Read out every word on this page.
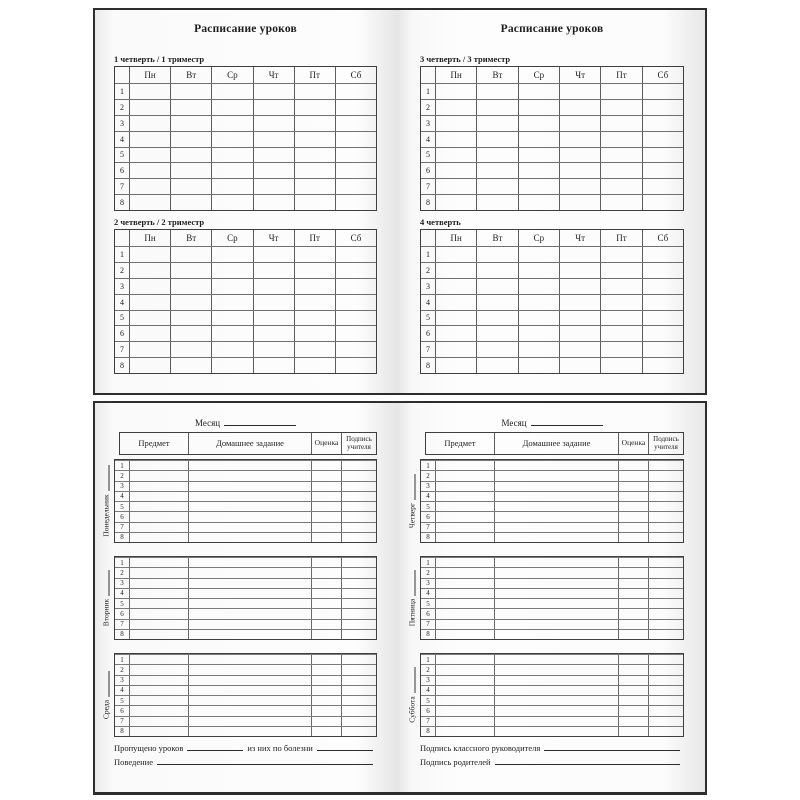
Расписание уроков
1 четверть / 1 триместр
Пн	Вт	Ср	Чт	Пт	Сб
1
2
3
4
5
6
7
8
2 четверть / 2 триместр
Пн	Вт	Ср	Чт	Пт	Сб
1
2
3
4
5
6
7
8
Расписание уроков
3 четверть / 3 триместр
Пн	Вт	Ср	Чт	Пт	Сб
1
2
3
4
5
6
7
8
4 четверть
Пн	Вт	Ср	Чт	Пт	Сб
1
2
3
4
5
6
7
8
Месяц
Предмет	Домашнее задание	Оценка	Подпись
учителя
Понедельник
1
2
3
4
5
6
7
8
Вторник
1
2
3
4
5
6
7
8
Среда
1
2
3
4
5
6
7
8
Пропущено уроков	из них по болезни
Поведение
Месяц
Предмет	Домашнее задание	Оценка	Подпись
учителя
Четверг
1
2
3
4
5
6
7
8
Пятница
1
2
3
4
5
6
7
8
Суббота
1
2
3
4
5
6
7
8
Подпись классного руководителя
Подпись родителей
